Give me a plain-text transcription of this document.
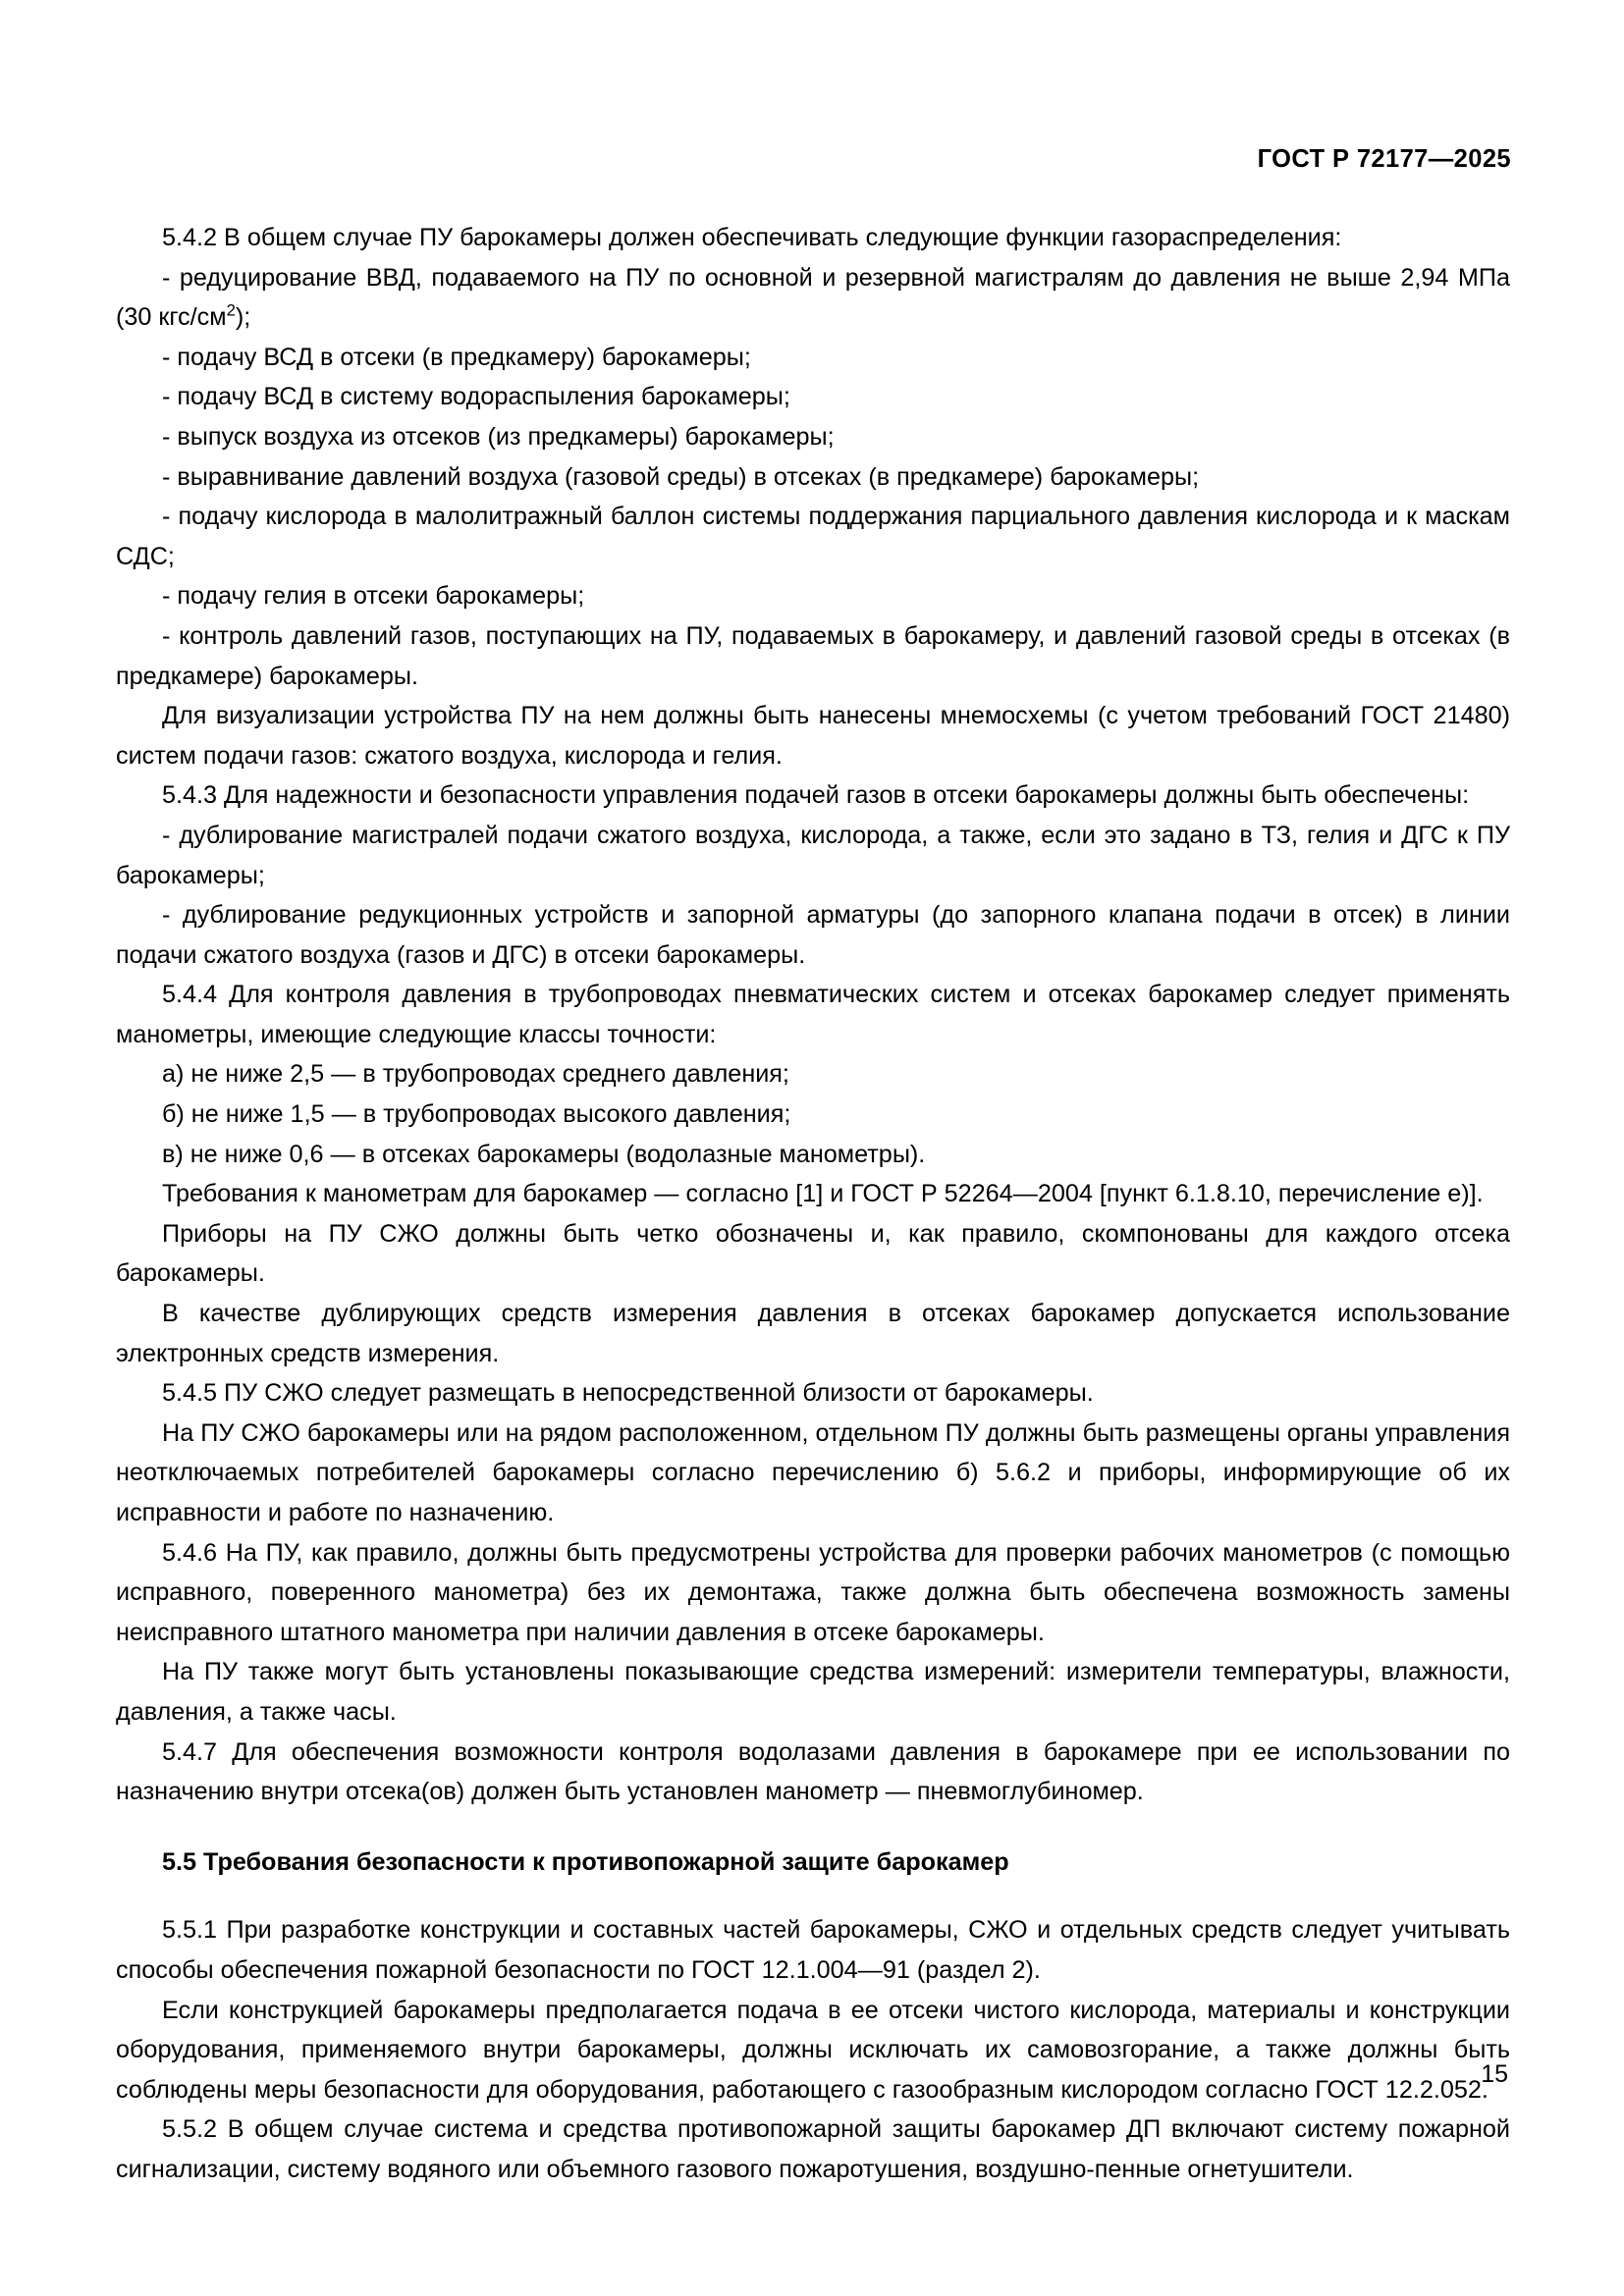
ГОСТ Р 72177—2025

5.4.2 В общем случае ПУ барокамеры должен обеспечивать следующие функции газораспределения:

- редуцирование ВВД, подаваемого на ПУ по основной и резервной магистралям до давления не выше 2,94 МПа (30 кгс/$см^2$);

- подачу ВСД в отсеки (в предкамеру) барокамеры;

- подачу ВСД в систему водораспыления барокамеры;

- выпуск воздуха из отсеков (из предкамеры) барокамеры;

- выравнивание давлений воздуха (газовой среды) в отсеках (в предкамере) барокамеры;

- подачу кислорода в малолитражный баллон системы поддержания парциального давления кислорода и к маскам СДС;

- подачу гелия в отсеки барокамеры;

- контроль давлений газов, поступающих на ПУ, подаваемых в барокамеру, и давлений газовой среды в отсеках (в предкамере) барокамеры.

Для визуализации устройства ПУ на нем должны быть нанесены мнемосхемы (с учетом требований ГОСТ 21480) систем подачи газов: сжатого воздуха, кислорода и гелия.

5.4.3 Для надежности и безопасности управления подачей газов в отсеки барокамеры должны быть обеспечены:

- дублирование магистралей подачи сжатого воздуха, кислорода, а также, если это задано в ТЗ, гелия и ДГС к ПУ барокамеры;

- дублирование редукционных устройств и запорной арматуры (до запорного клапана подачи в отсек) в линии подачи сжатого воздуха (газов и ДГС) в отсеки барокамеры.

5.4.4 Для контроля давления в трубопроводах пневматических систем и отсеках барокамер следует применять манометры, имеющие следующие классы точности:

а) не ниже 2,5 — в трубопроводах среднего давления;

б) не ниже 1,5 — в трубопроводах высокого давления;

в) не ниже 0,6 — в отсеках барокамеры (водолазные манометры).

Требования к манометрам для барокамер — согласно [1] и ГОСТ Р 52264—2004 [пункт 6.1.8.10, перечисление е)].

Приборы на ПУ СЖО должны быть четко обозначены и, как правило, скомпонованы для каждого отсека барокамеры.

В качестве дублирующих средств измерения давления в отсеках барокамер допускается использование электронных средств измерения.

5.4.5 ПУ СЖО следует размещать в непосредственной близости от барокамеры.

На ПУ СЖО барокамеры или на рядом расположенном, отдельном ПУ должны быть размещены органы управления неотключаемых потребителей барокамеры согласно перечислению б) 5.6.2 и приборы, информирующие об их исправности и работе по назначению.

5.4.6 На ПУ, как правило, должны быть предусмотрены устройства для проверки рабочих манометров (с помощью исправного, поверенного манометра) без их демонтажа, также должна быть обеспечена возможность замены неисправного штатного манометра при наличии давления в отсеке барокамеры.

На ПУ также могут быть установлены показывающие средства измерений: измерители температуры, влажности, давления, а также часы.

5.4.7 Для обеспечения возможности контроля водолазами давления в барокамере при ее использовании по назначению внутри отсека(ов) должен быть установлен манометр — пневмоглубиномер.

5.5 Требования безопасности к противопожарной защите барокамер

5.5.1 При разработке конструкции и составных частей барокамеры, СЖО и отдельных средств следует учитывать способы обеспечения пожарной безопасности по ГОСТ 12.1.004—91 (раздел 2).

Если конструкцией барокамеры предполагается подача в ее отсеки чистого кислорода, материалы и конструкции оборудования, применяемого внутри барокамеры, должны исключать их самовозгорание, а также должны быть соблюдены меры безопасности для оборудования, работающего с газообразным кислородом согласно ГОСТ 12.2.052.

5.5.2 В общем случае система и средства противопожарной защиты барокамер ДП включают систему пожарной сигнализации, систему водяного или объемного газового пожаротушения, воздушно-пенные огнетушители.

15
